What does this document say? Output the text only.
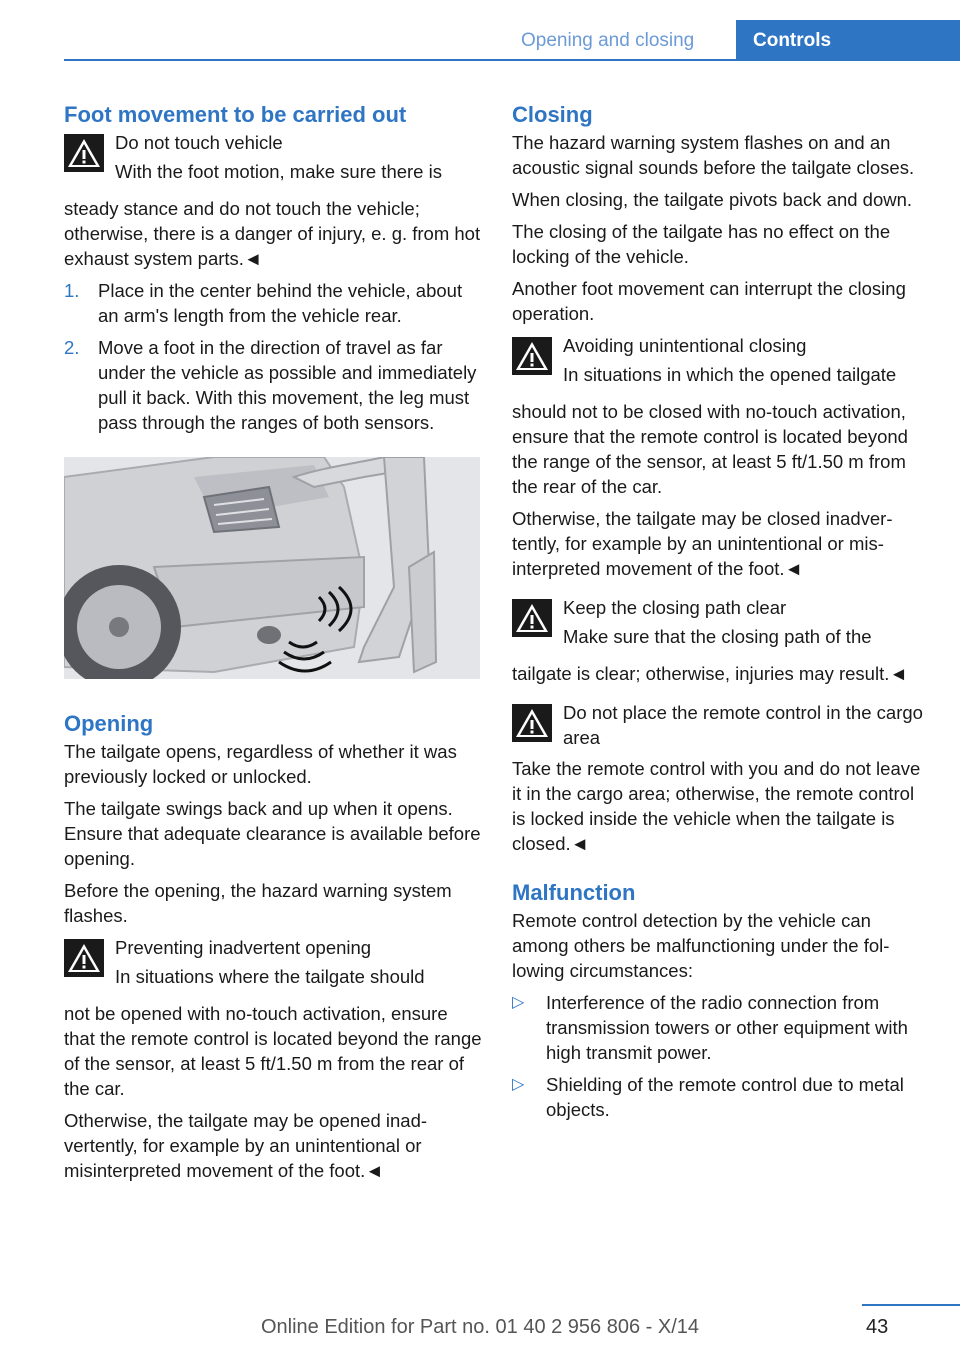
Opening and closing	Controls
Foot movement to be carried out
Do not touch vehicle
With the foot motion, make sure there is

steady stance and do not touch the vehicle; otherwise, there is a danger of injury, e. g. from hot exhaust system parts.◄

1. Place in the center behind the vehicle, about an arm's length from the vehicle rear.
2. Move a foot in the direction of travel as far under the vehicle as possible and immediately pull it back. With this movement, the leg must pass through the ranges of both sensors.
Opening

The tailgate opens, regardless of whether it was previously locked or unlocked.

The tailgate swings back and up when it opens. Ensure that adequate clearance is available before opening.

Before the opening, the hazard warning system flashes.

Preventing inadvertent opening
In situations where the tailgate should

not be opened with no-touch activation, ensure that the remote control is located beyond the range of the sensor, at least 5 ft/1.50 m from the rear of the car.

Otherwise, the tailgate may be opened inadvertently, for example by an unintentional or misinterpreted movement of the foot.◄

Closing

The hazard warning system flashes on and an acoustic signal sounds before the tailgate closes.

When closing, the tailgate pivots back and down.

The closing of the tailgate has no effect on the locking of the vehicle.

Another foot movement can interrupt the closing operation.

Avoiding unintentional closing
In situations in which the opened tailgate

should not to be closed with no-touch activation, ensure that the remote control is located beyond the range of the sensor, at least 5 ft/1.50 m from the rear of the car.

Otherwise, the tailgate may be closed inadvertently, for example by an unintentional or misinterpreted movement of the foot.◄

Keep the closing path clear
Make sure that the closing path of the

tailgate is clear; otherwise, injuries may result.◄

Do not place the remote control in the cargo area

Take the remote control with you and do not leave it in the cargo area; otherwise, the remote control is locked inside the vehicle when the tailgate is closed.◄

Malfunction

Remote control detection by the vehicle can among others be malfunctioning under the following circumstances:

▷ Interference of the radio connection from transmission towers or other equipment with high transmit power.
▷ Shielding of the remote control due to metal objects.
Online Edition for Part no. 01 40 2 956 806 - X/14	43
